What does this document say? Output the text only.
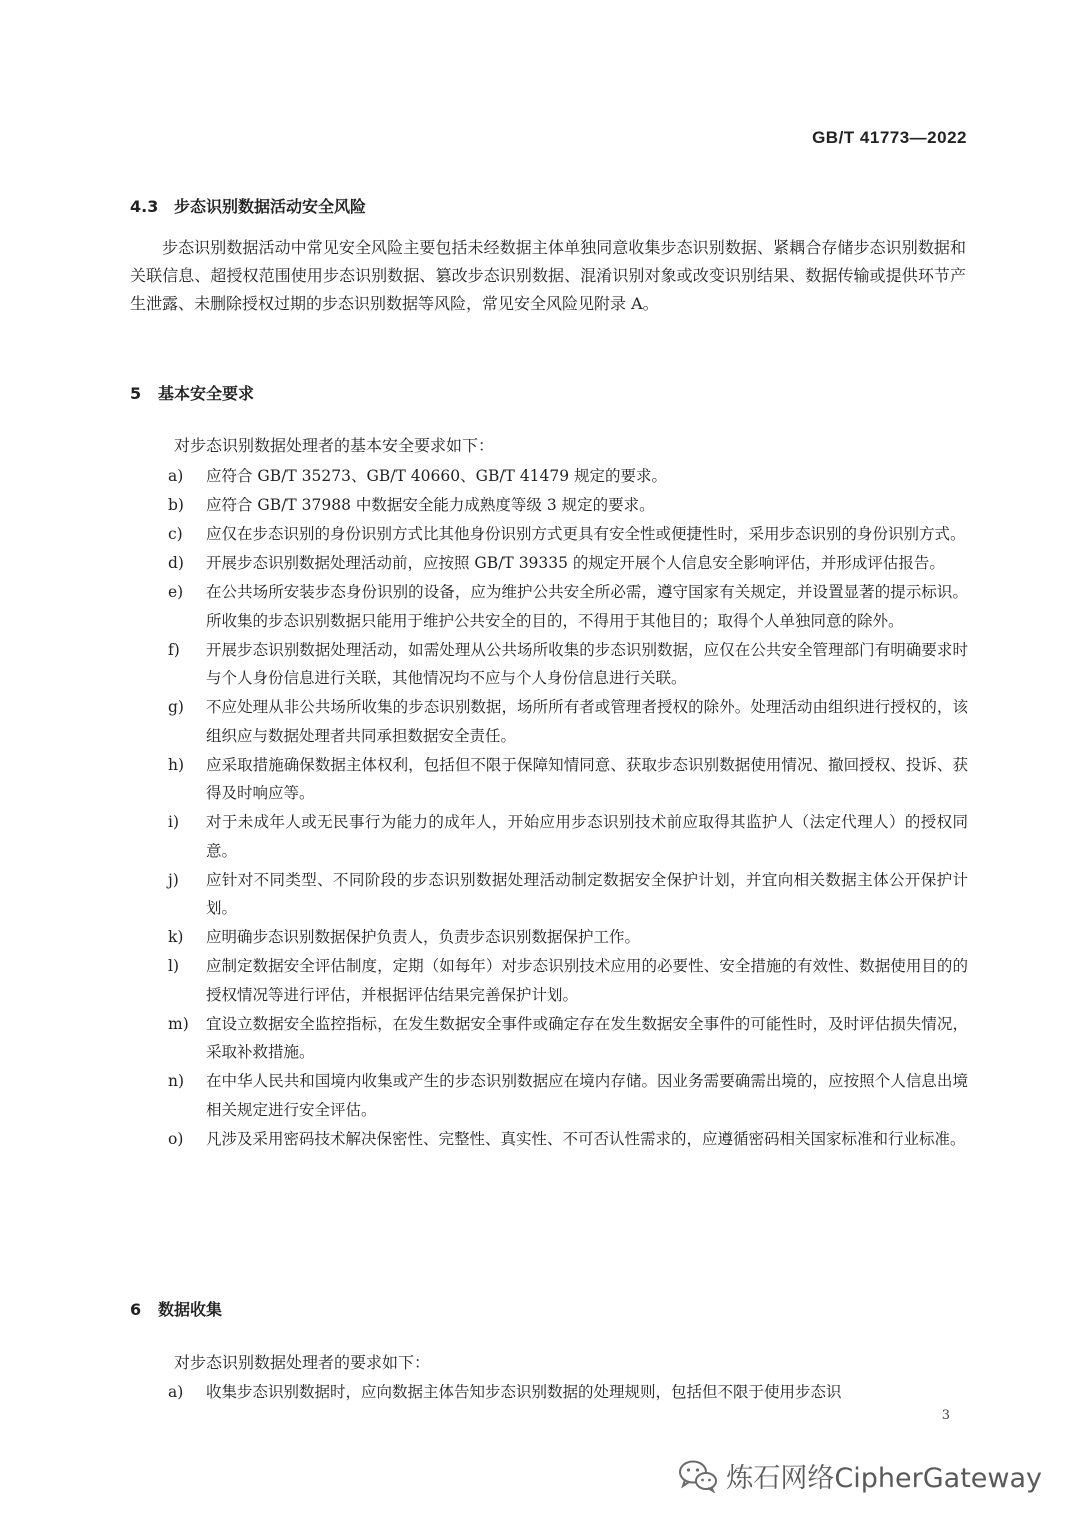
GB/T 41773—2022
4.3 步态识别数据活动安全风险

步态识别数据活动中常见安全风险主要包括未经数据主体单独同意收集步态识别数据、紧耦合存储步态识别数据和关联信息、超授权范围使用步态识别数据、篡改步态识别数据、混淆识别对象或改变识别结果、数据传输或提供环节产生泄露、未删除授权过期的步态识别数据等风险，常见安全风险见附录 A。

5 基本安全要求
对步态识别数据处理者的基本安全要求如下：
a) 应符合 GB/T 35273、GB/T 40660、GB/T 41479 规定的要求。
b) 应符合 GB/T 37988 中数据安全能力成熟度等级 3 规定的要求。
c) 应仅在步态识别的身份识别方式比其他身份识别方式更具有安全性或便捷性时，采用步态识别的身份识别方式。
d) 开展步态识别数据处理活动前，应按照 GB/T 39335 的规定开展个人信息安全影响评估，并形成评估报告。
e) 在公共场所安装步态身份识别的设备，应为维护公共安全所必需，遵守国家有关规定，并设置显著的提示标识。所收集的步态识别数据只能用于维护公共安全的目的，不得用于其他目的；取得个人单独同意的除外。
f) 开展步态识别数据处理活动，如需处理从公共场所收集的步态识别数据，应仅在公共安全管理部门有明确要求时与个人身份信息进行关联，其他情况均不应与个人身份信息进行关联。
g) 不应处理从非公共场所收集的步态识别数据，场所所有者或管理者授权的除外。处理活动由组织进行授权的，该组织应与数据处理者共同承担数据安全责任。
h) 应采取措施确保数据主体权利，包括但不限于保障知情同意、获取步态识别数据使用情况、撤回授权、投诉、获得及时响应等。
i) 对于未成年人或无民事行为能力的成年人，开始应用步态识别技术前应取得其监护人（法定代理人）的授权同意。
j) 应针对不同类型、不同阶段的步态识别数据处理活动制定数据安全保护计划，并宜向相关数据主体公开保护计划。
k) 应明确步态识别数据保护负责人，负责步态识别数据保护工作。
l) 应制定数据安全评估制度，定期（如每年）对步态识别技术应用的必要性、安全措施的有效性、数据使用目的的授权情况等进行评估，并根据评估结果完善保护计划。
m) 宜设立数据安全监控指标，在发生数据安全事件或确定存在发生数据安全事件的可能性时，及时评估损失情况，采取补救措施。
n) 在中华人民共和国境内收集或产生的步态识别数据应在境内存储。因业务需要确需出境的，应按照个人信息出境相关规定进行安全评估。
o) 凡涉及采用密码技术解决保密性、完整性、真实性、不可否认性需求的，应遵循密码相关国家标准和行业标准。
6 数据收集
对步态识别数据处理者的要求如下：
a) 收集步态识别数据时，应向数据主体告知步态识别数据的处理规则，包括但不限于使用步态识
3
炼石网络CipherGateway
